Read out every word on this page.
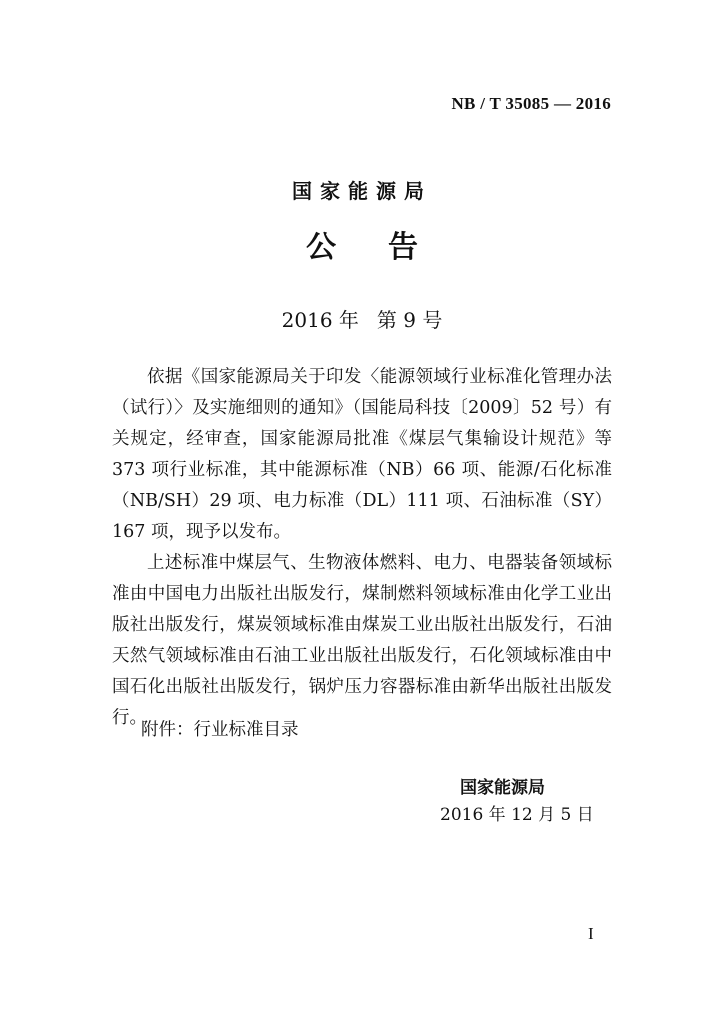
NB / T 35085 — 2016
国家能源局
公 告
2016 年 第 9 号

依据《国家能源局关于印发〈能源领域行业标准化管理办法（试行）〉及实施细则的通知》（国能局科技〔2009〕52 号）有关规定，经审查，国家能源局批准《煤层气集输设计规范》等 373 项行业标准，其中能源标准（NB）66 项、能源/石化标准（NB/SH）29 项、电力标准（DL）111 项、石油标准（SY）167 项，现予以发布。

上述标准中煤层气、生物液体燃料、电力、电器装备领域标准由中国电力出版社出版发行，煤制燃料领域标准由化学工业出版社出版发行，煤炭领域标准由煤炭工业出版社出版发行，石油天然气领域标准由石油工业出版社出版发行，石化领域标准由中国石化出版社出版发行，锅炉压力容器标准由新华出版社出版发行。

附件：行业标准目录
国家能源局
2016 年 12 月 5 日
I
